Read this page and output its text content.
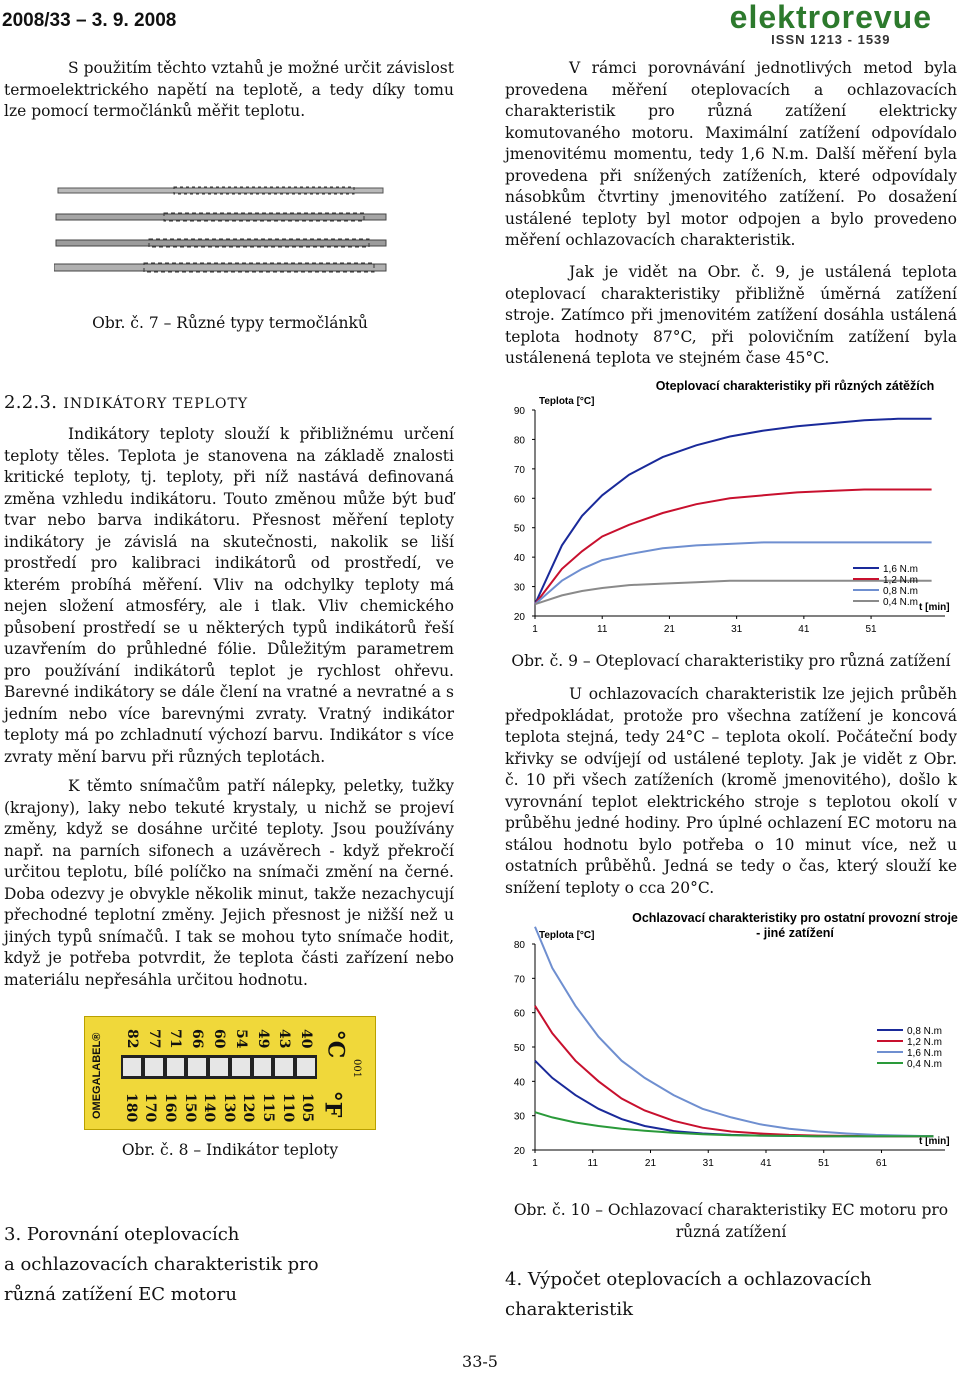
2008/33 – 3. 9. 2008	elektrorevue
ISSN 1213 - 1539

S použitím těchto vztahů je možné určit závislost termoelektrického napětí na teplotě, a tedy díky tomu lze pomocí termočlánků měřit teplotu.

Obr. č. 7 – Různé typy termočlánků
2.2.3. INDIKÁTORY TEPLOTY

Indikátory teploty slouží k přibližnému určení teploty těles. Teplota je stanovena na základě znalosti kritické teploty, tj. teploty, při níž nastává definovaná změna vzhledu indikátoru. Touto změnou může být buď tvar nebo barva indikátoru. Přesnost měření teploty indikátory je závislá na skutečnosti, nakolik se liší prostředí pro kalibraci indikátorů od prostředí, ve kterém probíhá měření. Vliv na odchylky teploty má nejen složení atmosféry, ale i tlak. Vliv chemického působení prostředí se u některých typů indikátorů řeší uzavřením do průhledné fólie. Důležitým parametrem pro používání indikátorů teplot je rychlost ohřevu. Barevné indikátory se dále člení na vratné a nevratné a s jedním nebo více barevnými zvraty. Vratný indikátor teploty má po zchladnutí výchozí barvu. Indikátor s více zvraty mění barvu při různých teplotách.

K těmto snímačům patří nálepky, peletky, tužky (krajony), laky nebo tekuté krystaly, u nichž se projeví změny, když se dosáhne určité teploty. Jsou používány např. na parních sifonech a uzávěrech - když překročí určitou teplotu, bílé políčko na snímači změní na černé. Doba odezvy je obvykle několik minut, takže nezachycují přechodné teplotní změny. Jejich přesnost je nižší než u jiných typů snímačů. I tak se mohou tyto snímače hodit, když je potřeba potvrdit, že teplota části zařízení nebo materiálu nepřesáhla určitou hodnotu.

OMEGALABEL® 82 77 71 66 60 54 49 43 40
180 170 160 150 140 130 120 115 110 105
°C
°F
001
Obr. č. 8 – Indikátor teploty
3. Porovnání oteplovacích
a ochlazovacích charakteristik pro
různá zatížení EC motoru

V rámci porovnávání jednotlivých metod byla provedena měření oteplovacích a ochlazovacích charakteristik pro různá zatížení elektricky komutovaného motoru. Maximální zatížení odpovídalo jmenovitému momentu, tedy 1,6 N.m. Další měření byla provedena při snížených zatíženích, které odpovídaly násobkům čtvrtiny jmenovitého zatížení. Po dosažení ustálené teploty byl motor odpojen a bylo provedeno měření ochlazovacích charakteristik.

Jak je vidět na Obr. č. 9, je ustálená teplota oteplovací charakteristiky přibližně úměrná zatížení stroje. Zatímco při jmenovitém zatížení dosáhla ustálená teplota hodnoty 87°C, při polovičním zatížení byla ustálenená teplota ve stejném čase 45°C.

Oteplovací charakteristiky při různých zátěžích
Teplota [°C]
20
30
40
50
60
70
80
90
1	11	21	31	41	51
t [min]
1,6 N.m
1,2 N.m
0,8 N.m
0,4 N.m
Obr. č. 9 – Oteplovací charakteristiky pro různá zatížení

U ochlazovacích charakteristik lze jejich průběh předpokládat, protože pro všechna zatížení je koncová teplota stejná, tedy 24°C – teplota okolí. Počáteční body křivky se odvíjejí od ustálené teploty. Jak je vidět z Obr. č. 10 při všech zatíženích (kromě jmenovitého), došlo k vyrovnání teplot elektrického stroje s teplotou okolí v průběhu jedné hodiny. Pro úplné ochlazení EC motoru na stálou hodnotu bylo potřeba o 10 minut více, než u ostatních průběhů. Jedná se tedy o čas, který slouží ke snížení teploty o cca 20°C.

Ochlazovací charakteristiky pro ostatní provozní stroje - jiné zatížení
Teplota [°C]
20
30
40
50
60
70
80
1	11	21	31	41	51	61
t [min]
0,8 N.m
1,2 N.m
1,6 N.m
0,4 N.m
Obr. č. 10 – Ochlazovací charakteristiky EC motoru pro různá zatížení
4. Výpočet oteplovacích a ochlazovacích
charakteristik
33-5
